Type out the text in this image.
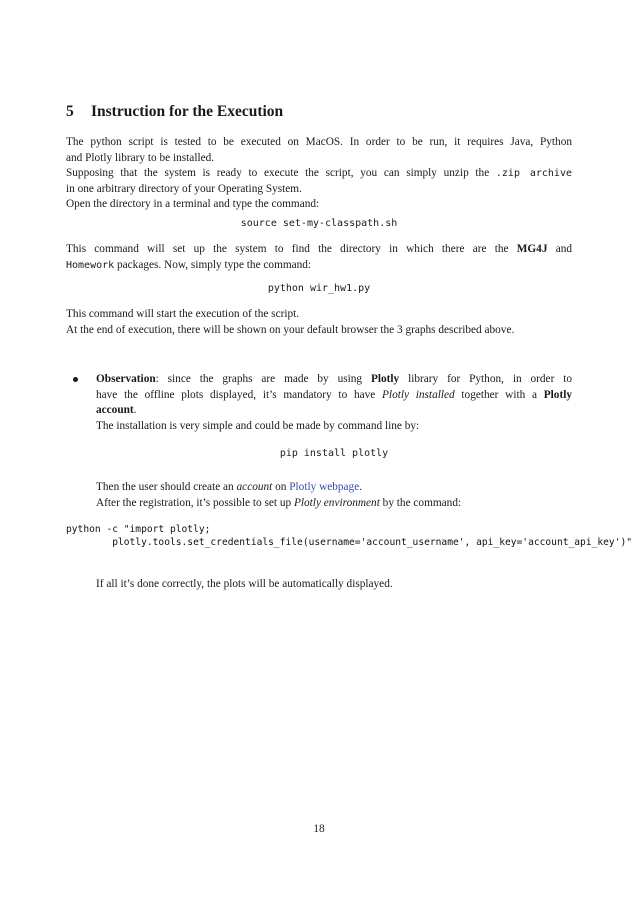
5 Instruction for the Execution
The python script is tested to be executed on MacOS. In order to be run, it requires Java, Python
and Plotly library to be installed.
Supposing that the system is ready to execute the script, you can simply unzip the .zip archive
in one arbitrary directory of your Operating System.
Open the directory in a terminal and type the command:
source set-my-classpath.sh
This command will set up the system to find the directory in which there are the MG4J and
Homework packages. Now, simply type the command:
python wir_hw1.py
This command will start the execution of the script.
At the end of execution, there will be shown on your default browser the 3 graphs described above.
Observation: since the graphs are made by using Plotly library for Python, in order to
have the offline plots displayed, it’s mandatory to have Plotly installed together with a Plotly
account.
The installation is very simple and could be made by command line by:
pip install plotly
Then the user should create an account on Plotly webpage.
After the registration, it’s possible to set up Plotly environment by the command:
python -c "import plotly;
plotly.tools.set_credentials_file(username='account_username', api_key='account_api_key')"
If all it’s done correctly, the plots will be automatically displayed.
18
